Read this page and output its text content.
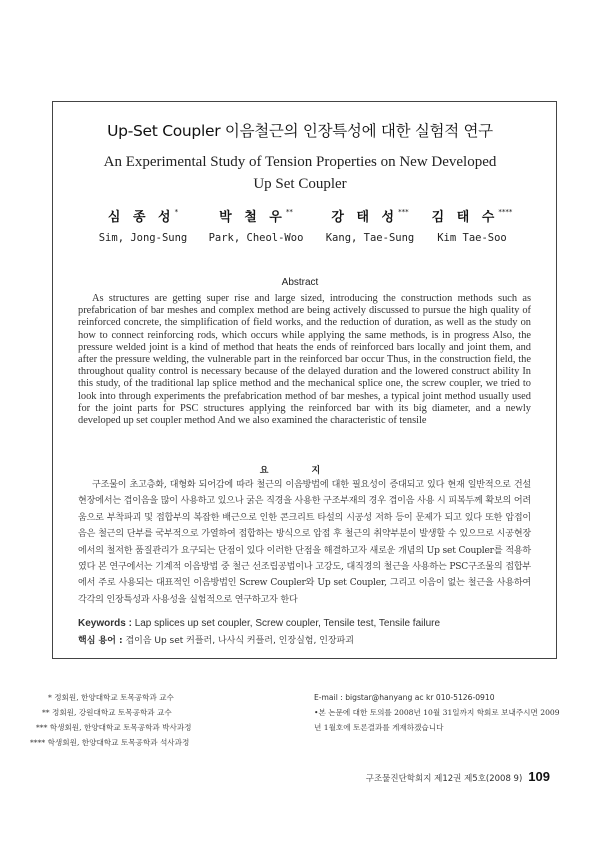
Up-Set Coupler 이음철근의 인장특성에 대한 실험적 연구
An Experimental Study of Tension Properties on New Developed
Up Set Coupler
심 종 성*
Sim, Jong-Sung
박 철 우**
Park, Cheol-Woo
강 태 성***
Kang, Tae-Sung
김 태 수****
Kim Tae-Soo
Abstract
As structures are getting super rise and large sized, introducing the construction methods such as prefabrication of bar meshes and complex method are being actively discussed to pursue the high quality of reinforced concrete, the simplification of field works, and the reduction of duration, as well as the study on how to connect reinforcing rods, which occurs while applying the same methods, is in progress Also, the pressure welded joint is a kind of method that heats the ends of reinforced bars locally and joint them, and after the pressure welding, the vulnerable part in the reinforced bar occur Thus, in the construction field, the throughout quality control is necessary because of the delayed duration and the lowered construct ability In this study, of the traditional lap splice method and the mechanical splice one, the screw coupler, we tried to look into through experiments the prefabrication method of bar meshes, a typical joint method usually used for the joint parts for PSC structures applying the reinforced bar with its big diameter, and a newly developed up set coupler method And we also examined the characteristic of tensile
요 지
구조물이 초고층화, 대형화 되어감에 따라 철근의 이음방법에 대한 필요성이 증대되고 있다 현재 일반적으로 건설현장에서는 겹이음을 많이 사용하고 있으나 굵은 직경을 사용한 구조부재의 경우 겹이음 사용 시 피복두께 확보의 어려움으로 부착파괴 및 접합부의 복잡한 배근으로 인한 콘크리트 타설의 시공성 저하 등이 문제가 되고 있다 또한 압접이음은 철근의 단부를 국부적으로 가열하여 접합하는 방식으로 압접 후 철근의 취약부분이 발생할 수 있으므로 시공현장에서의 철저한 품질관리가 요구되는 단점이 있다 이러한 단점을 해결하고자 새로운 개념의 Up set Coupler를 적용하였다 본 연구에서는 기계적 이음방법 중 철근 선조립공법이나 고강도, 대직경의 철근을 사용하는 PSC구조물의 접합부에서 주로 사용되는 대표적인 이음방법인 Screw Coupler와 Up set Coupler, 그리고 이음이 없는 철근을 사용하여 각각의 인장특성과 사용성을 실험적으로 연구하고자 한다
Keywords : Lap splices up set coupler, Screw coupler, Tensile test, Tensile failure
핵심 용어 : 겹이음 Up set 커플러, 나사식 커플러, 인장실험, 인장파괴
* 정회원, 한양대학교 토목공학과 교수
** 정회원, 강원대학교 토목공학과 교수
*** 학생회원, 한양대학교 토목공학과 박사과정
**** 학생회원, 한양대학교 토목공학과 석사과정
E-mail : bigstar@hanyang ac kr 010-5126-0910
•본 논문에 대한 토의를 2008년 10월 31일까지 학회로 보내주시면 2009년 1월호에 토론결과를 게재하겠습니다
구조물진단학회지 제12권 제5호(2008 9) 109
